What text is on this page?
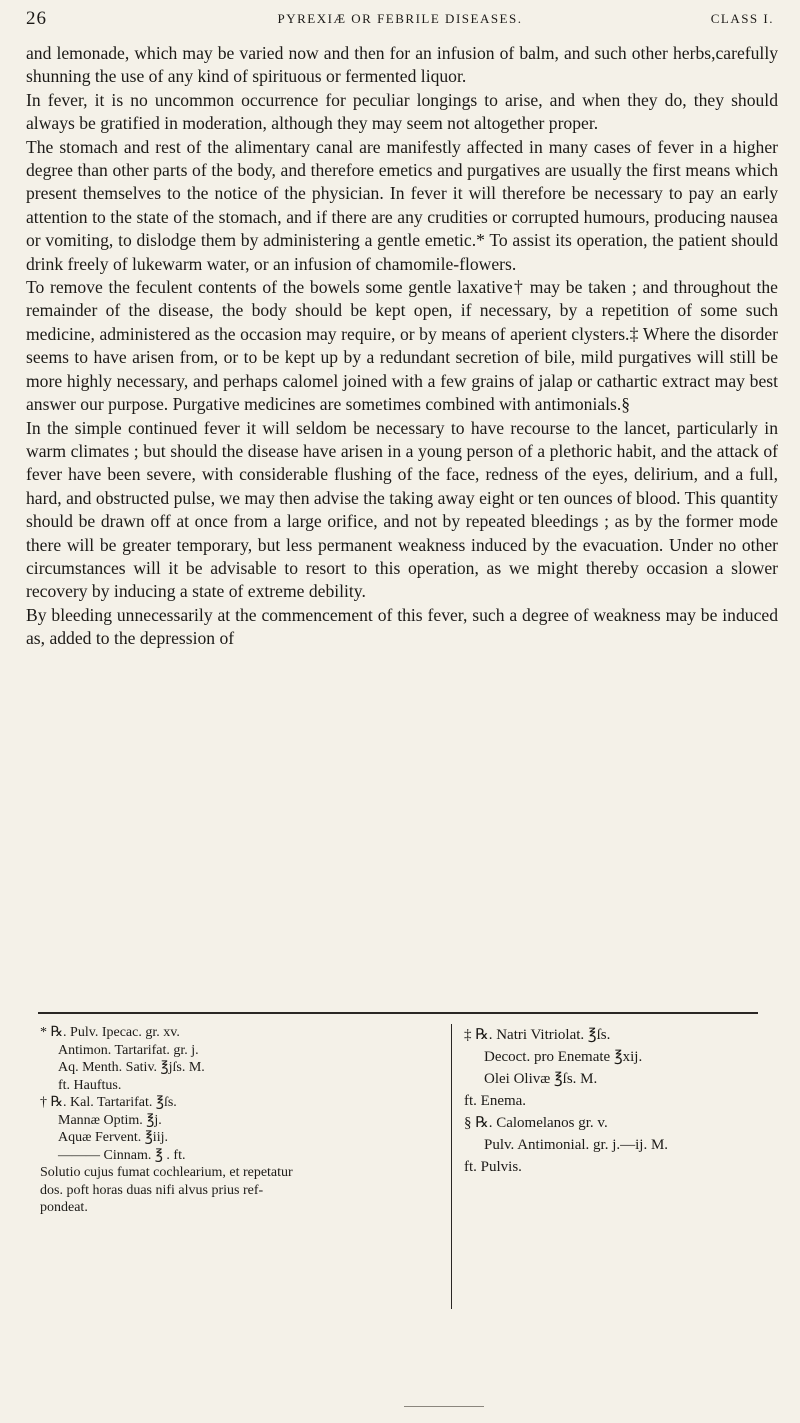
26	PYREXIÆ OR FEBRILE DISEASES.	CLASS I.

and lemonade, which may be varied now and then for an infusion of balm, and such other herbs,carefully shunning the use of any kind of spirituous or fermented liquor.

In fever, it is no uncommon occurrence for peculiar longings to arise, and when they do, they should always be gratified in moderation, although they may seem not altogether proper.

The stomach and rest of the alimentary canal are manifestly affected in many cases of fever in a higher degree than other parts of the body, and therefore emetics and purgatives are usually the first means which present themselves to the notice of the physician. In fever it will therefore be necessary to pay an early attention to the state of the stomach, and if there are any crudities or corrupted humours, producing nausea or vomiting, to dislodge them by administering a gentle emetic.* To assist its operation, the patient should drink freely of lukewarm water, or an infusion of chamomile-flowers.

To remove the feculent contents of the bowels some gentle laxative† may be taken ; and throughout the remainder of the disease, the body should be kept open, if necessary, by a repetition of some such medicine, administered as the occasion may require, or by means of aperient clysters.‡ Where the disorder seems to have arisen from, or to be kept up by a redundant secretion of bile, mild purgatives will still be more highly necessary, and perhaps calomel joined with a few grains of jalap or cathartic extract may best answer our purpose. Purgative medicines are sometimes combined with antimonials.§

In the simple continued fever it will seldom be necessary to have recourse to the lancet, particularly in warm climates ; but should the disease have arisen in a young person of a plethoric habit, and the attack of fever have been severe, with considerable flushing of the face, redness of the eyes, delirium, and a full, hard, and obstructed pulse, we may then advise the taking away eight or ten ounces of blood. This quantity should be drawn off at once from a large orifice, and not by repeated bleedings ; as by the former mode there will be greater temporary, but less permanent weakness induced by the evacuation. Under no other circumstances will it be advisable to resort to this operation, as we might thereby occasion a slower recovery by inducing a state of extreme debility.

By bleeding unnecessarily at the commencement of this fever, such a degree of weakness may be induced as, added to the depression of

* ℞. Pulv. Ipecac. gr. xv.
Antimon. Tartarifat. gr. j.
Aq. Menth. Sativ. ℥jſs. M.
ft. Hauftus.
† ℞. Kal. Tartarifat. ℥ſs.
Mannæ Optim. ℥j.
Aquæ Fervent. ℥iij.
——— Cinnam. ℥ . ft.
Solutio cujus fumat cochlearium, et repetatur
dos. poft horas duas nifi alvus prius ref-
pondeat.
‡ ℞. Natri Vitriolat. ℥ſs.
Decoct. pro Enemate ℥xij.
Olei Olivæ ℥ſs. M.
ft. Enema.
§ ℞. Calomelanos gr. v.
Pulv. Antimonial. gr. j.—ij. M.
ft. Pulvis.
